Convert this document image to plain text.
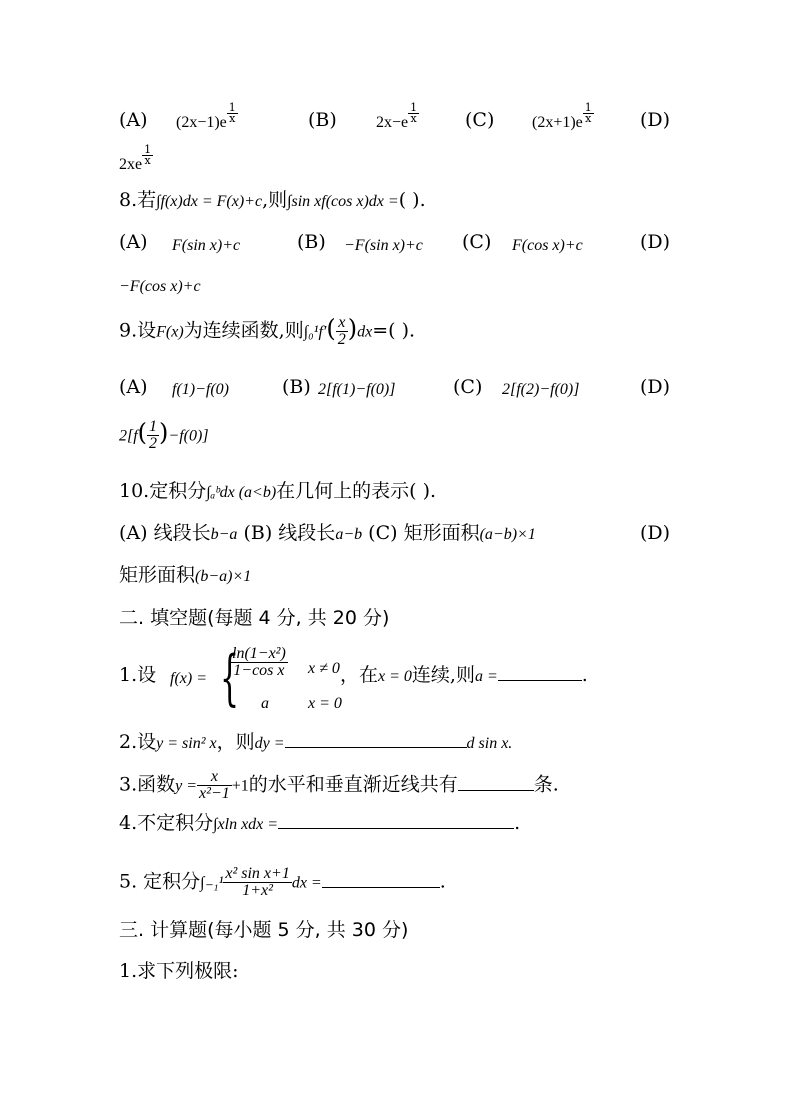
(A) $(2x-1)e \frac{1}{x}$	(B) $2x-e \frac{1}{x} (C)$ $(2x+1)e \frac{1}{x} (D)$
$2xe \frac{1}{x}$
8.若∫f(x)dx = F(x)+c,则∫sin xf(cos x)dx =( ).
(A) F(sin x)+c	(B) −F(sin x)+c (C) F(cos x)+c	(D)
−F(cos x)+c
9.设F(x)为连续函数,则$\int_0^1f'( \frac{x}{2} )dx=$( ).
(A) f(1)−f(0)	(B) 2[f(1)−f(0)]	(C) 2[f(2)−f(0)]	(D)
$2[f( \frac{1}{2} )-f(0)]$
10.定积分∫ₐᵇdx (a<b)在几何上的表示( ).
(A) 线段长b−a (B) 线段长a−b (C) 矩形面积(a−b)×1	(D)
矩形面积(b−a)×1
二. 填空题(每题 4 分, 共 20 分)
1.设 f(x) = {
$\frac{\text{ln(1−x²)}}{\text{1−cos x}}$ x ≠ 0
a x = 0
，在x = 0连续,则a =	.
2.设y = sin² x，则dy =	d sin x.
3.函数$y = \frac{x}{\text{x²−1}} +1$的水平和垂直渐近线共有	条.
4.不定积分∫xln xdx =	.
5. 定积分$\int_{-1}^1 \frac{\text{x² sin x+1}}{\text{1+x²}}$ dx =	.
三. 计算题(每小题 5 分, 共 30 分)
1.求下列极限:
